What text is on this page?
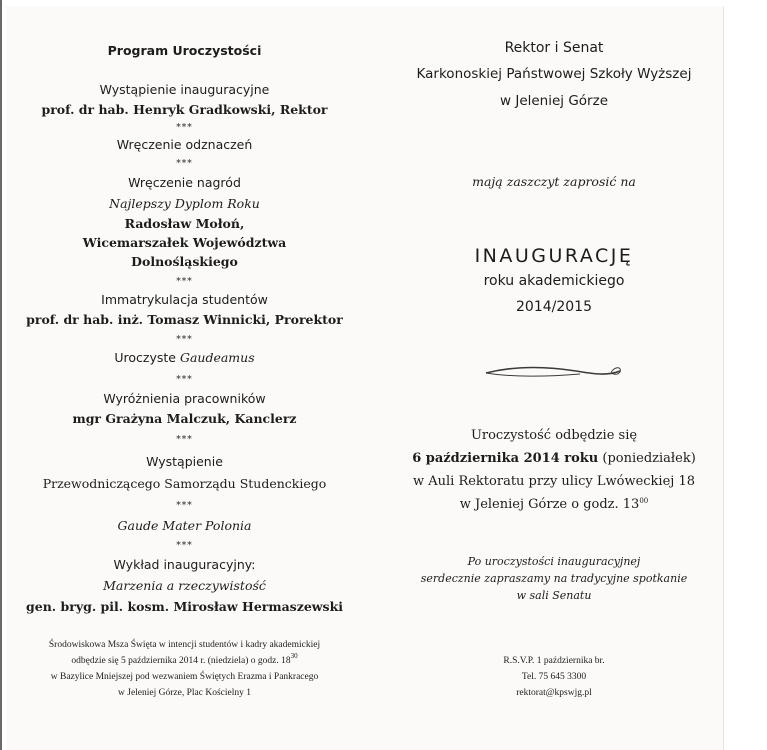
Program Uroczystości
Wystąpienie inauguracyjne
prof. dr hab. Henryk Gradkowski, Rektor
***
Wręczenie odznaczeń
***
Wręczenie nagród
Najlepszy Dyplom Roku
Radosław Mołoń,
Wicemarszałek Województwa
Dolnośląskiego
***
Immatrykulacja studentów
prof. dr hab. inż. Tomasz Winnicki, Prorektor
***
Uroczyste Gaudeamus
***
Wyróżnienia pracowników
mgr Grażyna Malczuk, Kanclerz
***
Wystąpienie
Przewodniczącego Samorządu Studenckiego
***
Gaude Mater Polonia
***
Wykład inauguracyjny:
Marzenia a rzeczywistość
gen. bryg. pil. kosm. Mirosław Hermaszewski
Środowiskowa Msza Święta w intencji studentów i kadry akademickiej
odbędzie się 5 października 2014 r. (niedziela) o godz. $18^{30}$
w Bazylice Mniejszej pod wezwaniem Świętych Erazma i Pankracego
w Jeleniej Górze, Plac Kościelny 1
Rektor i Senat
Karkonoskiej Państwowej Szkoły Wyższej
w Jeleniej Górze
mają zaszczyt zaprosić na
INAUGURACJĘ
roku akademickiego
2014/2015
Uroczystość odbędzie się
6 października 2014 roku (poniedziałek)
w Auli Rektoratu przy ulicy Lwóweckiej 18
w Jeleniej Górze o godz. $13^{00}$
Po uroczystości inauguracyjnej
serdecznie zapraszamy na tradycyjne spotkanie
w sali Senatu
R.S.V.P. 1 października br.
Tel. 75 645 3300
rektorat@kpswjg.pl
